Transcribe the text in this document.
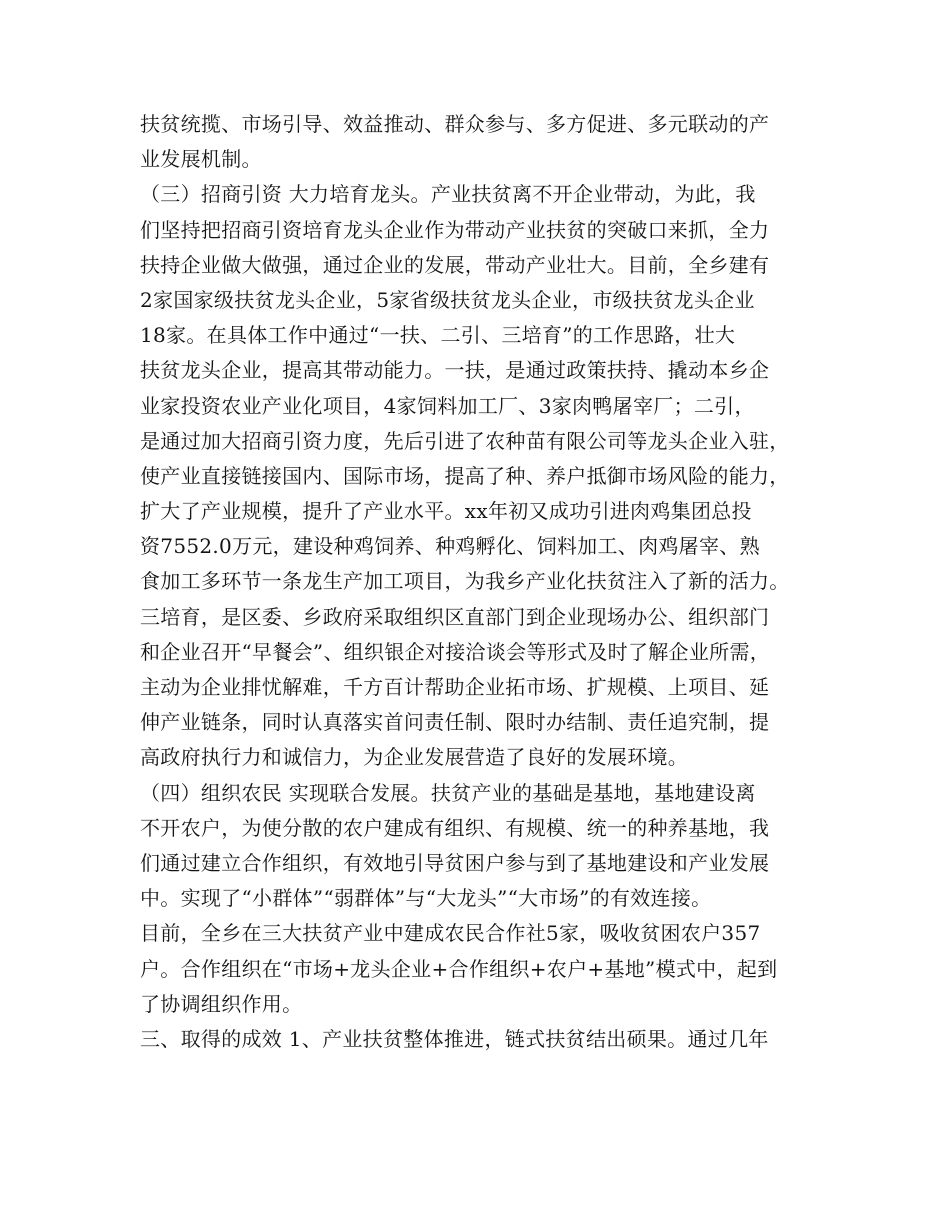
扶贫统揽、市场引导、效益推动、群众参与、多方促进、多元联动的产
业发展机制。
（三）招商引资 大力培育龙头。产业扶贫离不开企业带动，为此，我
们坚持把招商引资培育龙头企业作为带动产业扶贫的突破口来抓，全力
扶持企业做大做强，通过企业的发展，带动产业壮大。目前，全乡建有
2家国家级扶贫龙头企业，5家省级扶贫龙头企业，市级扶贫龙头企业
18家。在具体工作中通过“一扶、二引、三培育”的工作思路，壮大
扶贫龙头企业，提高其带动能力。一扶，是通过政策扶持、撬动本乡企
业家投资农业产业化项目，4家饲料加工厂、3家肉鸭屠宰厂；二引，
是通过加大招商引资力度，先后引进了农种苗有限公司等龙头企业入驻，
使产业直接链接国内、国际市场，提高了种、养户抵御市场风险的能力，
扩大了产业规模，提升了产业水平。xx年初又成功引进肉鸡集团总投
资7552.0万元，建设种鸡饲养、种鸡孵化、饲料加工、肉鸡屠宰、熟
食加工多环节一条龙生产加工项目，为我乡产业化扶贫注入了新的活力。
三培育，是区委、乡政府采取组织区直部门到企业现场办公、组织部门
和企业召开“早餐会”、组织银企对接洽谈会等形式及时了解企业所需，
主动为企业排忧解难，千方百计帮助企业拓市场、扩规模、上项目、延
伸产业链条，同时认真落实首问责任制、限时办结制、责任追究制，提
高政府执行力和诚信力，为企业发展营造了良好的发展环境。
（四）组织农民 实现联合发展。扶贫产业的基础是基地，基地建设离
不开农户，为使分散的农户建成有组织、有规模、统一的种养基地，我
们通过建立合作组织，有效地引导贫困户参与到了基地建设和产业发展
中。实现了“小群体”“弱群体”与“大龙头”“大市场”的有效连接。
目前，全乡在三大扶贫产业中建成农民合作社5家，吸收贫困农户357
户。合作组织在“市场+龙头企业+合作组织+农户+基地”模式中，起到
了协调组织作用。
三、取得的成效 1、产业扶贫整体推进，链式扶贫结出硕果。通过几年
